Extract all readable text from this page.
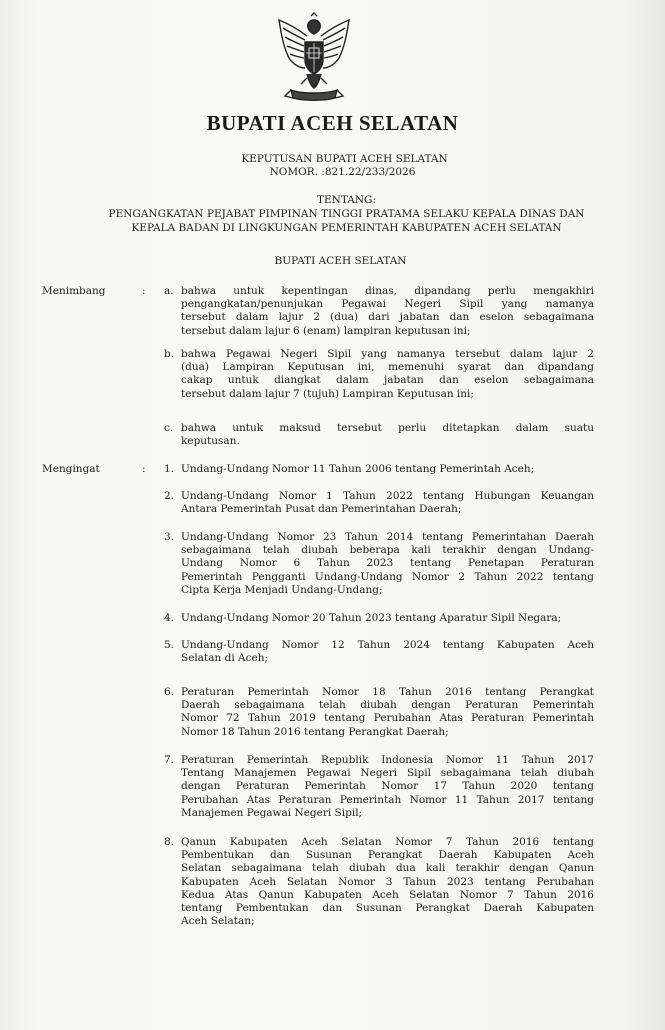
BUPATI ACEH SELATAN
KEPUTUSAN BUPATI ACEH SELATAN
NOMOR. :821.22/233/2026
TENTANG:
PENGANGKATAN PEJABAT PIMPINAN TINGGI PRATAMA SELAKU KEPALA DINAS DAN
KEPALA BADAN DI LINGKUNGAN PEMERINTAH KABUPATEN ACEH SELATAN
BUPATI ACEH SELATAN
Menimbang	: a. bahwa untuk kepentingan dinas, dipandang perlu mengakhiri
pengangkatan/penunjukan Pegawai Negeri Sipil yang namanya
tersebut dalam lajur 2 (dua) dari jabatan dan eselon sebagaimana
tersebut dalam lajur 6 (enam) lampiran keputusan ini;
b. bahwa Pegawai Negeri Sipil yang namanya tersebut dalam lajur 2
(dua) Lampiran Keputusan ini, memenuhi syarat dan dipandang
cakap untuk diangkat dalam jabatan dan eselon sebagaimana
tersebut dalam lajur 7 (tujuh) Lampiran Keputusan ini;
c. bahwa untuk maksud tersebut perlu ditetapkan dalam suatu
keputusan.
Mengingat	: 1. Undang-Undang Nomor 11 Tahun 2006 tentang Pemerintah Aceh;
2. Undang-Undang Nomor 1 Tahun 2022 tentang Hubungan Keuangan
Antara Pemerintah Pusat dan Pemerintahan Daerah;
3. Undang-Undang Nomor 23 Tahun 2014 tentang Pemerintahan Daerah
sebagaimana telah diubah beberapa kali terakhir dengan Undang-
Undang Nomor 6 Tahun 2023 tentang Penetapan Peraturan
Pemerintah Pengganti Undang-Undang Nomor 2 Tahun 2022 tentang
Cipta Kerja Menjadi Undang-Undang;
4. Undang-Undang Nomor 20 Tahun 2023 tentang Aparatur Sipil Negara;
5. Undang-Undang Nomor 12 Tahun 2024 tentang Kabupaten Aceh
Selatan di Aceh;
6. Peraturan Pemerintah Nomor 18 Tahun 2016 tentang Perangkat
Daerah sebagaimana telah diubah dengan Peraturan Pemerintah
Nomor 72 Tahun 2019 tentang Perubahan Atas Peraturan Pemerintah
Nomor 18 Tahun 2016 tentang Perangkat Daerah;
7. Peraturan Pemerintah Republik Indonesia Nomor 11 Tahun 2017
Tentang Manajemen Pegawai Negeri Sipil sebagaimana telah diubah
dengan Peraturan Pemerintah Nomor 17 Tahun 2020 tentang
Perubahan Atas Peraturan Pemerintah Nomor 11 Tahun 2017 tentang
Manajemen Pegawai Negeri Sipil;
8. Qanun Kabupaten Aceh Selatan Nomor 7 Tahun 2016 tentang
Pembentukan dan Susunan Perangkat Daerah Kabupaten Aceh
Selatan sebagaimana telah diubah dua kali terakhir dengan Qanun
Kabupaten Aceh Selatan Nomor 3 Tahun 2023 tentang Perubahan
Kedua Atas Qanun Kabupaten Aceh Selatan Nomor 7 Tahun 2016
tentang Pembentukan dan Susunan Perangkat Daerah Kabupaten
Aceh Selatan;
